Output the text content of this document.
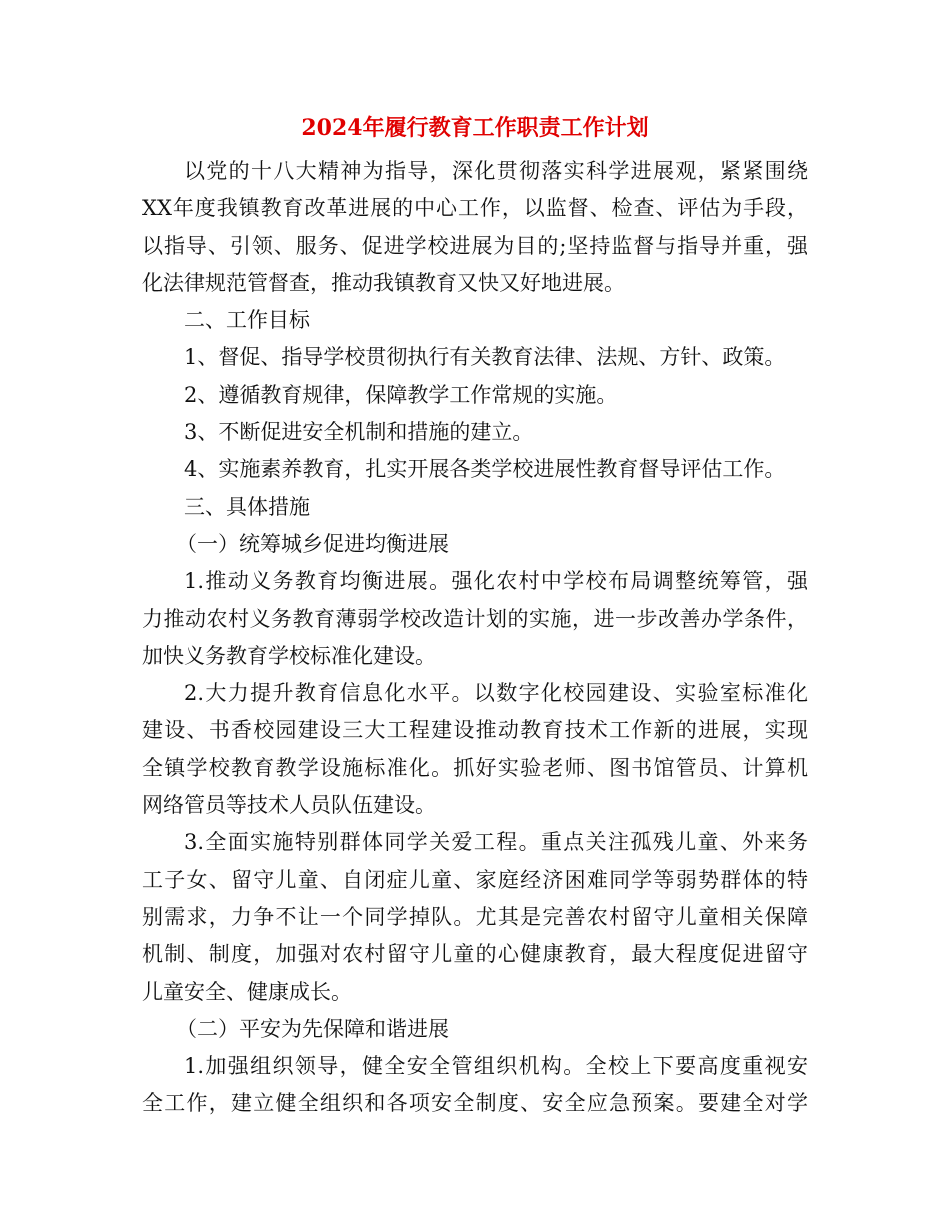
2024年履行教育工作职责工作计划

以党的十八大精神为指导，深化贯彻落实科学进展观，紧紧围绕
XX年度我镇教育改革进展的中心工作，以监督、检查、评估为手段，
以指导、引领、服务、促进学校进展为目的;坚持监督与指导并重，强
化法律规范管督查，推动我镇教育又快又好地进展。

二、工作目标

1、督促、指导学校贯彻执行有关教育法律、法规、方针、政策。

2、遵循教育规律，保障教学工作常规的实施。

3、不断促进安全机制和措施的建立。

4、实施素养教育，扎实开展各类学校进展性教育督导评估工作。

三、具体措施

（一）统筹城乡促进均衡进展

1.推动义务教育均衡进展。强化农村中学校布局调整统筹管，强
力推动农村义务教育薄弱学校改造计划的实施，进一步改善办学条件，
加快义务教育学校标准化建设。

2.大力提升教育信息化水平。以数字化校园建设、实验室标准化
建设、书香校园建设三大工程建设推动教育技术工作新的进展，实现
全镇学校教育教学设施标准化。抓好实验老师、图书馆管员、计算机
网络管员等技术人员队伍建设。

3.全面实施特别群体同学关爱工程。重点关注孤残儿童、外来务
工子女、留守儿童、自闭症儿童、家庭经济困难同学等弱势群体的特
别需求，力争不让一个同学掉队。尤其是完善农村留守儿童相关保障
机制、制度，加强对农村留守儿童的心健康教育，最大程度促进留守
儿童安全、健康成长。

（二）平安为先保障和谐进展

1.加强组织领导，健全安全管组织机构。全校上下要高度重视安
全工作，建立健全组织和各项安全制度、安全应急预案。要建全对学
